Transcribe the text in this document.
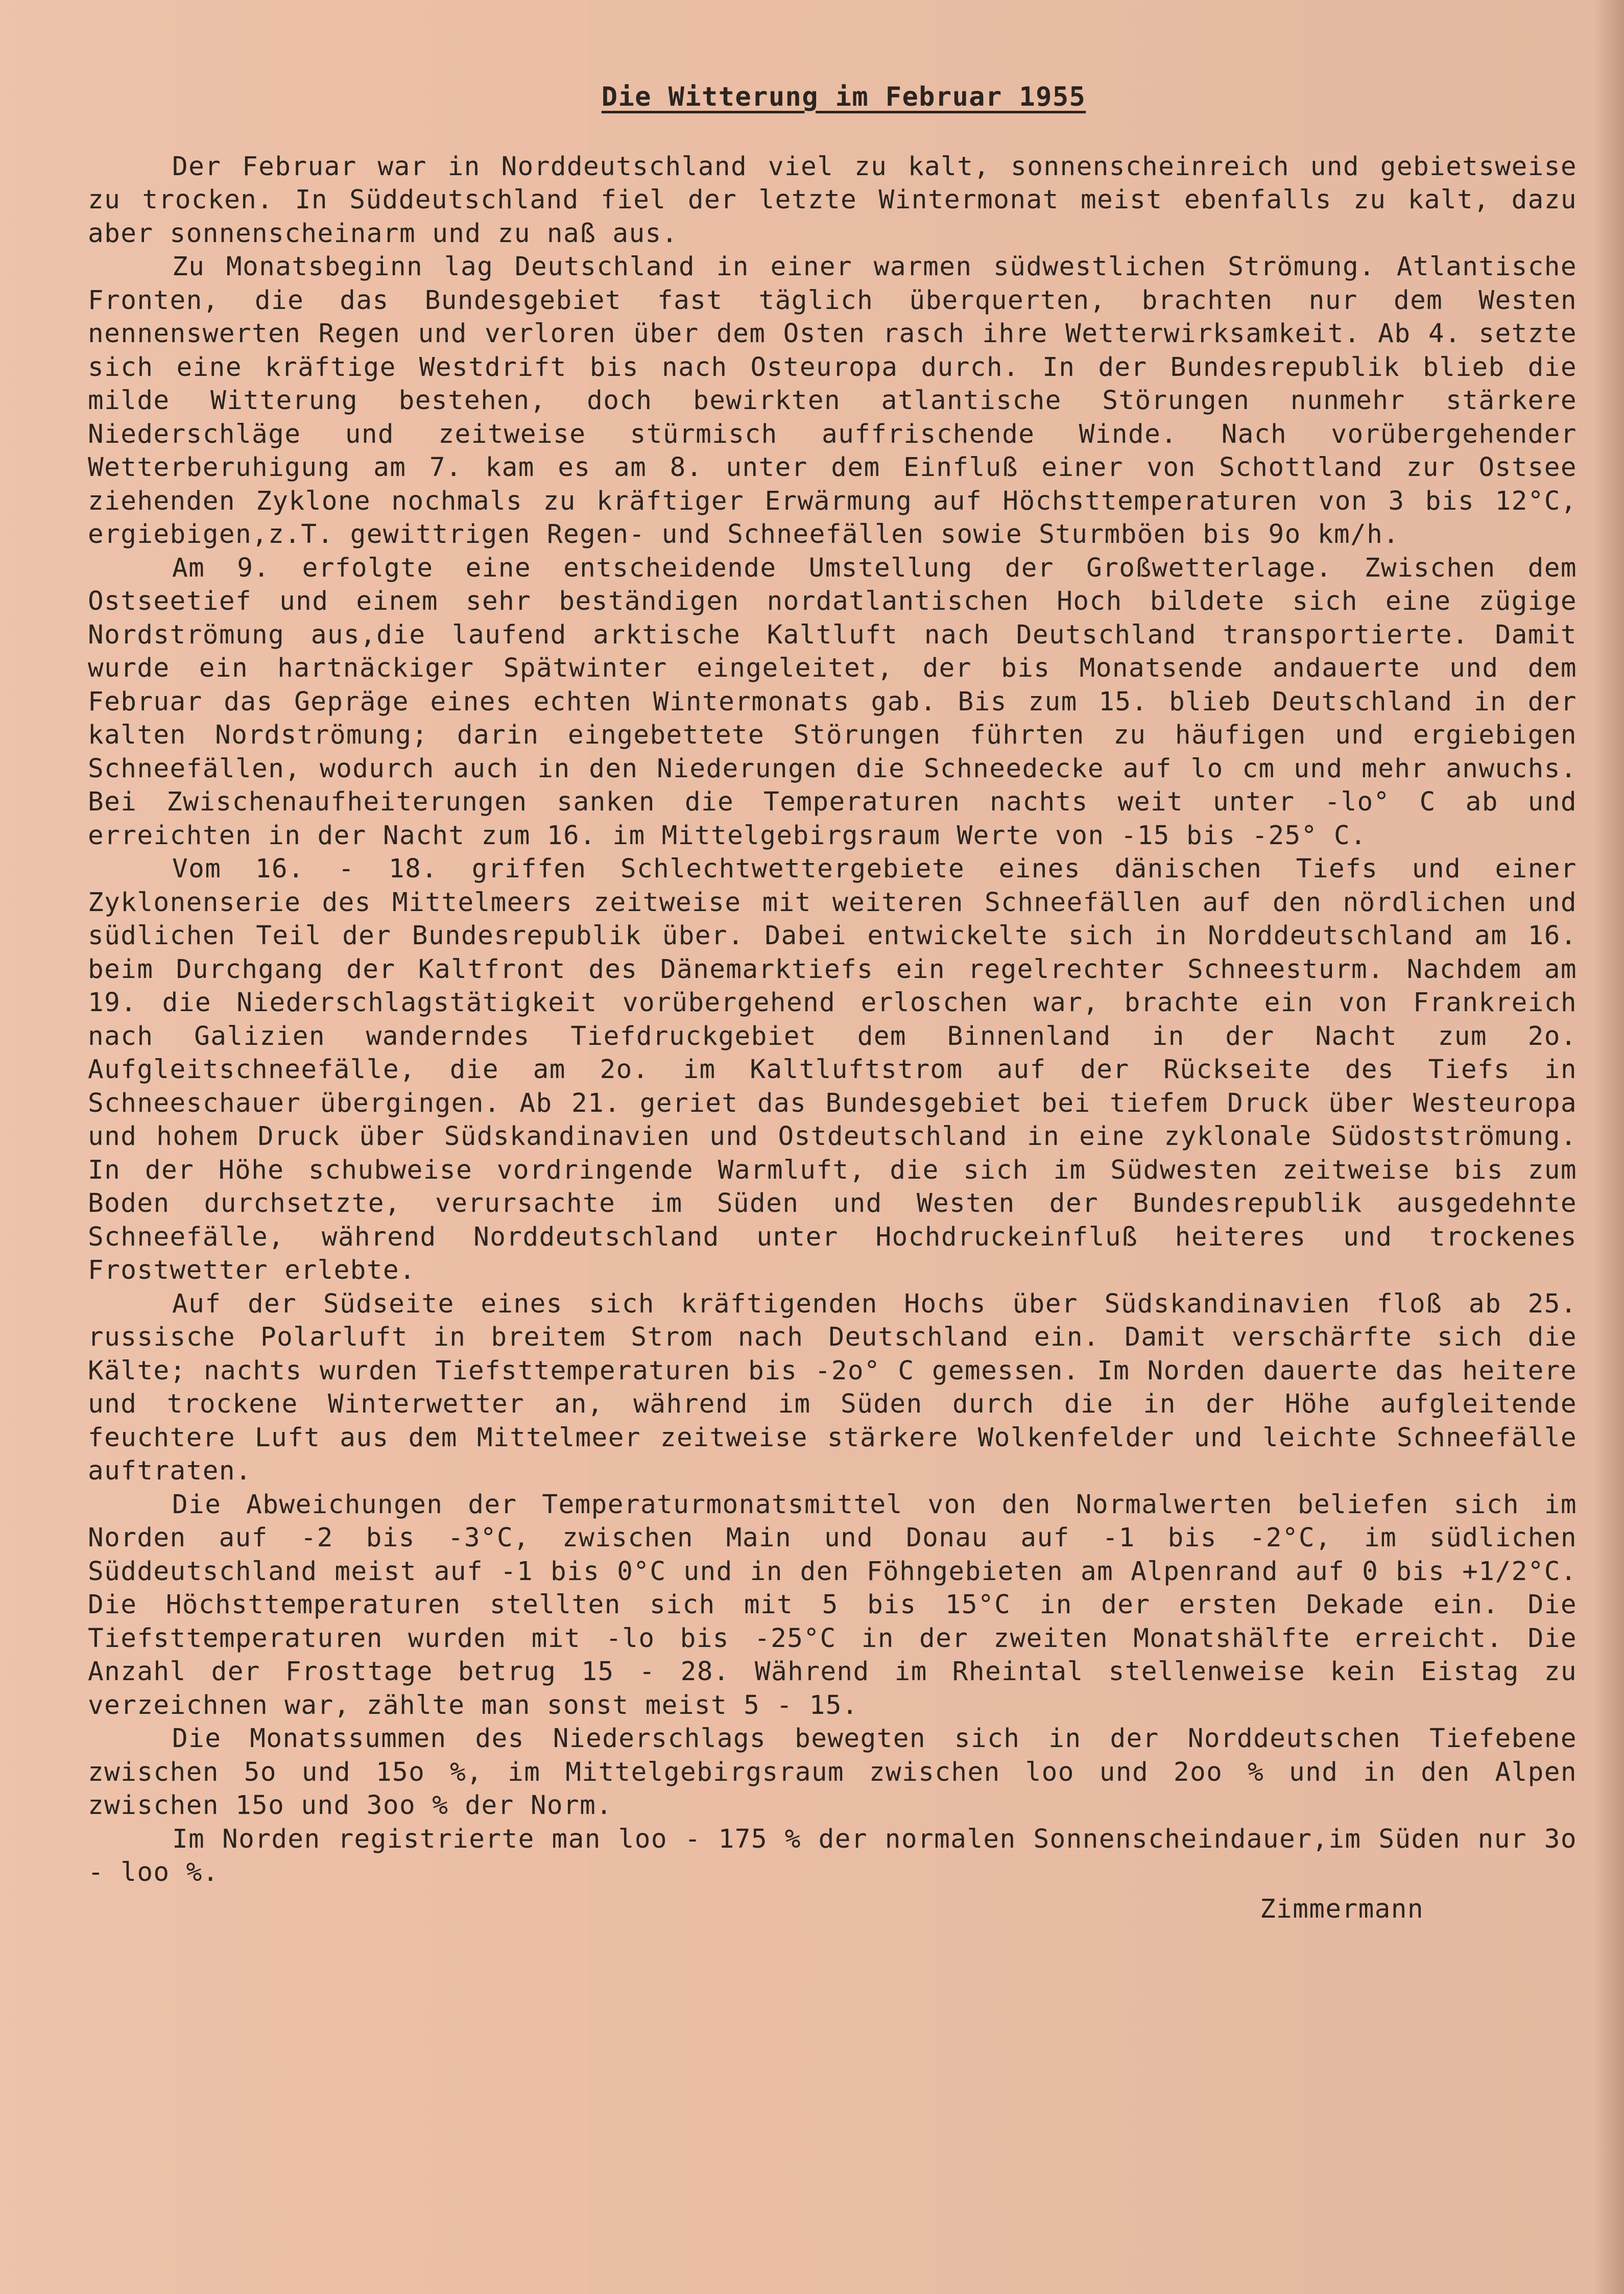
Die Witterung im Februar 1955

Der Februar war in Norddeutschland viel zu kalt, sonnenscheinreich und gebietsweise zu trocken. In Süddeutschland fiel der letzte Wintermonat meist ebenfalls zu kalt, dazu aber sonnenscheinarm und zu naß aus.

Zu Monatsbeginn lag Deutschland in einer warmen südwestlichen Strömung. Atlantische Fronten, die das Bundesgebiet fast täglich überquerten, brachten nur dem Westen nennenswerten Regen und verloren über dem Osten rasch ihre Wetterwirksamkeit. Ab 4. setzte sich eine kräftige Westdrift bis nach Osteuropa durch. In der Bundesrepublik blieb die milde Witterung bestehen, doch bewirkten atlantische Störungen nunmehr stärkere Niederschläge und zeitweise stürmisch auffrischende Winde. Nach vorübergehender Wetterberuhigung am 7. kam es am 8. unter dem Einfluß einer von Schottland zur Ostsee ziehenden Zyklone nochmals zu kräftiger Erwärmung auf Höchsttemperaturen von 3 bis 12°C, ergiebigen,z.T. gewittrigen Regen- und Schneefällen sowie Sturmböen bis 9o km/h.

Am 9. erfolgte eine entscheidende Umstellung der Großwetterlage. Zwischen dem Ostseetief und einem sehr beständigen nordatlantischen Hoch bildete sich eine zügige Nordströmung aus,die laufend arktische Kaltluft nach Deutschland transportierte. Damit wurde ein hartnäckiger Spätwinter eingeleitet, der bis Monatsende andauerte und dem Februar das Gepräge eines echten Wintermonats gab. Bis zum 15. blieb Deutschland in der kalten Nordströmung; darin eingebettete Störungen führten zu häufigen und ergiebigen Schneefällen, wodurch auch in den Niederungen die Schneedecke auf lo cm und mehr anwuchs. Bei Zwischenaufheiterungen sanken die Temperaturen nachts weit unter -lo° C ab und erreichten in der Nacht zum 16. im Mittelgebirgsraum Werte von -15 bis -25° C.

Vom 16. - 18. griffen Schlechtwettergebiete eines dänischen Tiefs und einer Zyklonenserie des Mittelmeers zeitweise mit weiteren Schneefällen auf den nördlichen und südlichen Teil der Bundesrepublik über. Dabei entwickelte sich in Norddeutschland am 16. beim Durchgang der Kaltfront des Dänemarktiefs ein regelrechter Schneesturm. Nachdem am 19. die Niederschlagstätigkeit vorübergehend erloschen war, brachte ein von Frankreich nach Galizien wanderndes Tiefdruckgebiet dem Binnenland in der Nacht zum 2o. Aufgleitschneefälle, die am 2o. im Kaltluftstrom auf der Rückseite des Tiefs in Schneeschauer übergingen. Ab 21. geriet das Bundesgebiet bei tiefem Druck über Westeuropa und hohem Druck über Südskandinavien und Ostdeutschland in eine zyklonale Südostströmung. In der Höhe schubweise vordringende Warmluft, die sich im Südwesten zeitweise bis zum Boden durchsetzte, verursachte im Süden und Westen der Bundesrepublik ausgedehnte Schneefälle, während Norddeutschland unter Hochdruckeinfluß heiteres und trockenes Frostwetter erlebte.

Auf der Südseite eines sich kräftigenden Hochs über Südskandinavien floß ab 25. russische Polarluft in breitem Strom nach Deutschland ein. Damit verschärfte sich die Kälte; nachts wurden Tiefsttemperaturen bis -2o° C gemessen. Im Norden dauerte das heitere und trockene Winterwetter an, während im Süden durch die in der Höhe aufgleitende feuchtere Luft aus dem Mittelmeer zeitweise stärkere Wolkenfelder und leichte Schneefälle auftraten.

Die Abweichungen der Temperaturmonatsmittel von den Normalwerten beliefen sich im Norden auf -2 bis -3°C, zwischen Main und Donau auf -1 bis -2°C, im südlichen Süddeutschland meist auf -1 bis 0°C und in den Föhngebieten am Alpenrand auf 0 bis +1/2°C. Die Höchsttemperaturen stellten sich mit 5 bis 15°C in der ersten Dekade ein. Die Tiefsttemperaturen wurden mit -lo bis -25°C in der zweiten Monatshälfte erreicht. Die Anzahl der Frosttage betrug 15 - 28. Während im Rheintal stellenweise kein Eistag zu verzeichnen war, zählte man sonst meist 5 - 15.

Die Monatssummen des Niederschlags bewegten sich in der Norddeutschen Tiefebene zwischen 5o und 15o %, im Mittelgebirgsraum zwischen loo und 2oo % und in den Alpen zwischen 15o und 3oo % der Norm.

Im Norden registrierte man loo - 175 % der normalen Sonnenscheindauer,im Süden nur 3o - loo %.

Zimmermann
